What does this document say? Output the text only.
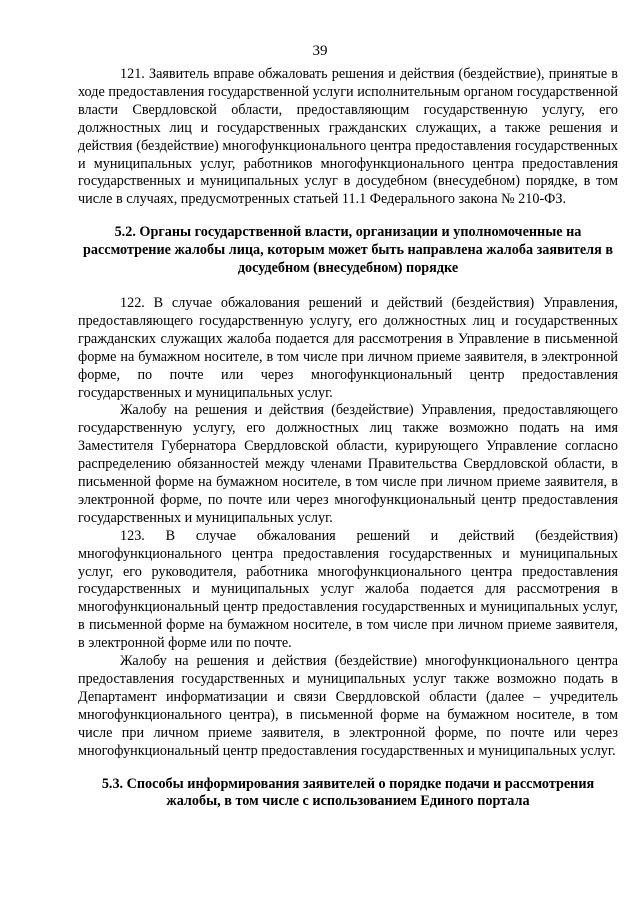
39

121. Заявитель вправе обжаловать решения и действия (бездействие), принятые в ходе предоставления государственной услуги исполнительным органом государственной власти Свердловской области, предоставляющим государственную услугу, его должностных лиц и государственных гражданских служащих, а также решения и действия (бездействие) многофункционального центра предоставления государственных и муниципальных услуг, работников многофункционального центра предоставления государственных и муниципальных услуг в досудебном (внесудебном) порядке, в том числе в случаях, предусмотренных статьей 11.1 Федерального закона № 210-ФЗ.

5.2. Органы государственной власти, организации и уполномоченные на рассмотрение жалобы лица, которым может быть направлена жалоба заявителя в досудебном (внесудебном) порядке

122. В случае обжалования решений и действий (бездействия) Управления, предоставляющего государственную услугу, его должностных лиц и государственных гражданских служащих жалоба подается для рассмотрения в Управление в письменной форме на бумажном носителе, в том числе при личном приеме заявителя, в электронной форме, по почте или через многофункциональный центр предоставления государственных и муниципальных услуг.

Жалобу на решения и действия (бездействие) Управления, предоставляющего государственную услугу, его должностных лиц также возможно подать на имя Заместителя Губернатора Свердловской области, курирующего Управление согласно распределению обязанностей между членами Правительства Свердловской области, в письменной форме на бумажном носителе, в том числе при личном приеме заявителя, в электронной форме, по почте или через многофункциональный центр предоставления государственных и муниципальных услуг.

123. В случае обжалования решений и действий (бездействия) многофункционального центра предоставления государственных и муниципальных услуг, его руководителя, работника многофункционального центра предоставления государственных и муниципальных услуг жалоба подается для рассмотрения в многофункциональный центр предоставления государственных и муниципальных услуг, в письменной форме на бумажном носителе, в том числе при личном приеме заявителя, в электронной форме или по почте.

Жалобу на решения и действия (бездействие) многофункционального центра предоставления государственных и муниципальных услуг также возможно подать в Департамент информатизации и связи Свердловской области (далее – учредитель многофункционального центра), в письменной форме на бумажном носителе, в том числе при личном приеме заявителя, в электронной форме, по почте или через многофункциональный центр предоставления государственных и муниципальных услуг.

5.3. Способы информирования заявителей о порядке подачи и рассмотрения жалобы, в том числе с использованием Единого портала
